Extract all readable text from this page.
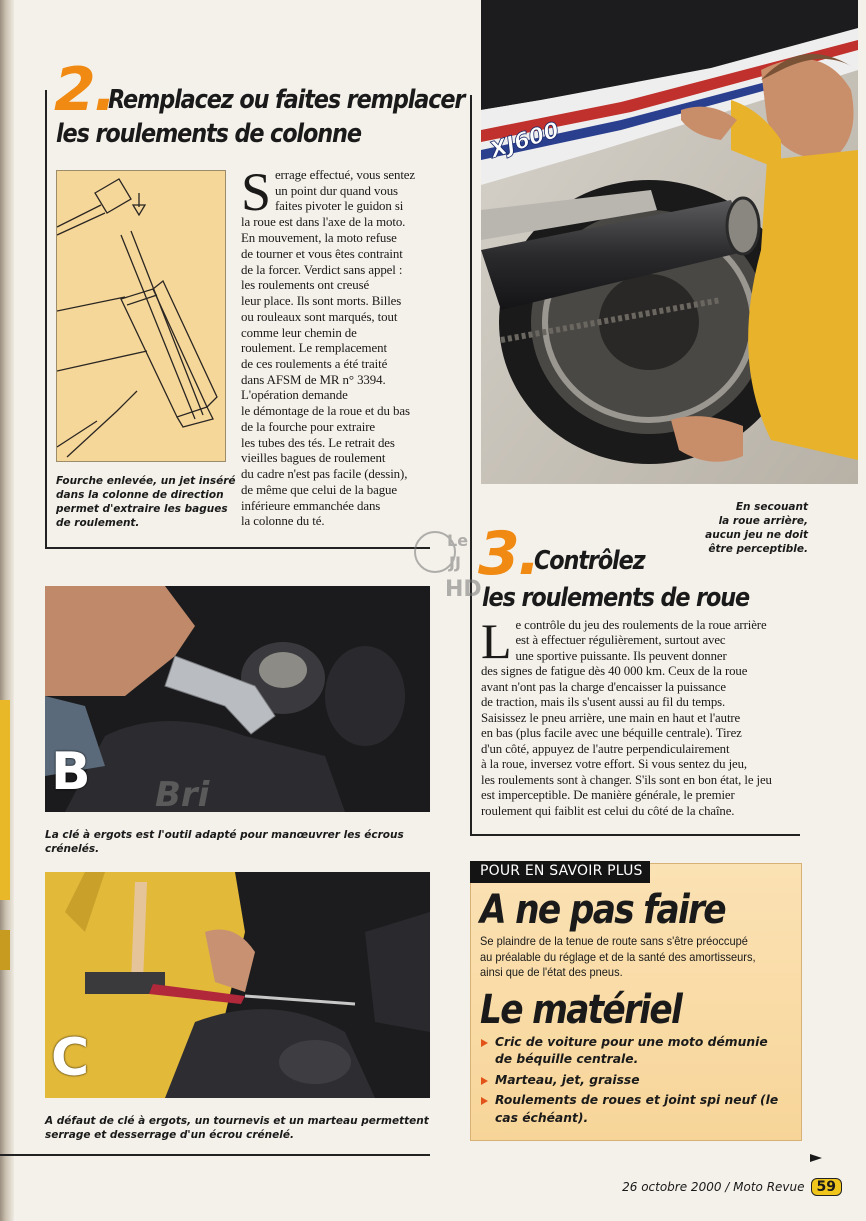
2.
Remplacez ou faites remplacer
les roulements de colonne
Fourche enlevée, un jet inséré
dans la colonne de direction
permet d'extraire les bagues
de roulement.
S errage effectué, vous sentez

un point dur quand vous

faites pivoter le guidon si

la roue est dans l'axe de la moto.

En mouvement, la moto refuse

de tourner et vous êtes contraint

de la forcer. Verdict sans appel :

les roulements ont creusé

leur place. Ils sont morts. Billes

ou rouleaux sont marqués, tout

comme leur chemin de

roulement. Le remplacement

de ces roulements a été traité

dans AFSM de MR n° 3394.

L'opération demande

le démontage de la roue et du bas

de la fourche pour extraire

les tubes des tés. Le retrait des

vieilles bagues de roulement

du cadre n'est pas facile (dessin),

de même que celui de la bague

inférieure emmanchée dans

la colonne du té.

XJ600
En secouant
la roue arrière,
aucun jeu ne doit
être perceptible.
Le
JJ
HD
3.
Contrôlez
les roulements de roue
L e contrôle du jeu des roulements de la roue arrière

est à effectuer régulièrement, surtout avec

une sportive puissante. Ils peuvent donner

des signes de fatigue dès 40 000 km. Ceux de la roue

avant n'ont pas la charge d'encaisser la puissance

de traction, mais ils s'usent aussi au fil du temps.

Saisissez le pneu arrière, une main en haut et l'autre

en bas (plus facile avec une béquille centrale). Tirez

d'un côté, appuyez de l'autre perpendiculairement

à la roue, inversez votre effort. Si vous sentez du jeu,

les roulements sont à changer. S'ils sont en bon état, le jeu

est imperceptible. De manière générale, le premier

roulement qui faiblit est celui du côté de la chaîne.

Bri
B
La clé à ergots est l'outil adapté pour manœuvrer les écrous
crénelés.
C
A défaut de clé à ergots, un tournevis et un marteau permettent
serrage et desserrage d'un écrou crénelé.
POUR EN SAVOIR PLUS
A ne pas faire
Se plaindre de la tenue de route sans s'être préoccupé
au préalable du réglage et de la santé des amortisseurs,
ainsi que de l'état des pneus.
Le matériel
Cric de voiture pour une moto démunie de béquille centrale.
Marteau, jet, graisse
Roulements de roues et joint spi neuf (le cas échéant).
26 octobre 2000 / Moto Revue 59
